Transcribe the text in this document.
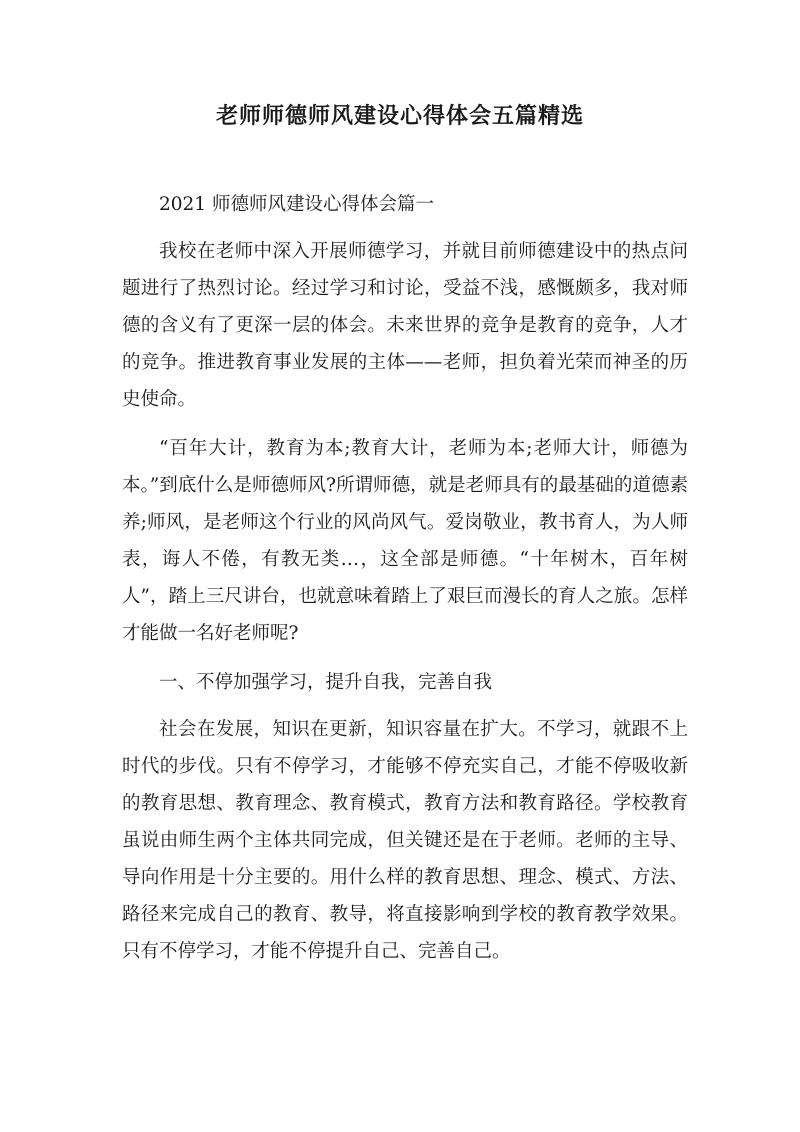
老师师德师风建设心得体会五篇精选

2021 师德师风建设心得体会篇一

我校在老师中深入开展师德学习，并就目前师德建设中的热点问题进行了热烈讨论。经过学习和讨论，受益不浅，感慨颇多，我对师德的含义有了更深一层的体会。未来世界的竞争是教育的竞争，人才的竞争。推进教育事业发展的主体——老师，担负着光荣而神圣的历史使命。

“百年大计，教育为本;教育大计，老师为本;老师大计，师德为本。”到底什么是师德师风?所谓师德，就是老师具有的最基础的道德素养;师风，是老师这个行业的风尚风气。爱岗敬业，教书育人，为人师表，诲人不倦，有教无类…，这全部是师德。“十年树木，百年树人”，踏上三尺讲台，也就意味着踏上了艰巨而漫长的育人之旅。怎样才能做一名好老师呢?

一、不停加强学习，提升自我，完善自我

社会在发展，知识在更新，知识容量在扩大。不学习，就跟不上时代的步伐。只有不停学习，才能够不停充实自己，才能不停吸收新的教育思想、教育理念、教育模式，教育方法和教育路径。学校教育虽说由师生两个主体共同完成，但关键还是在于老师。老师的主导、导向作用是十分主要的。用什么样的教育思想、理念、模式、方法、路径来完成自己的教育、教导，将直接影响到学校的教育教学效果。只有不停学习，才能不停提升自己、完善自己。
